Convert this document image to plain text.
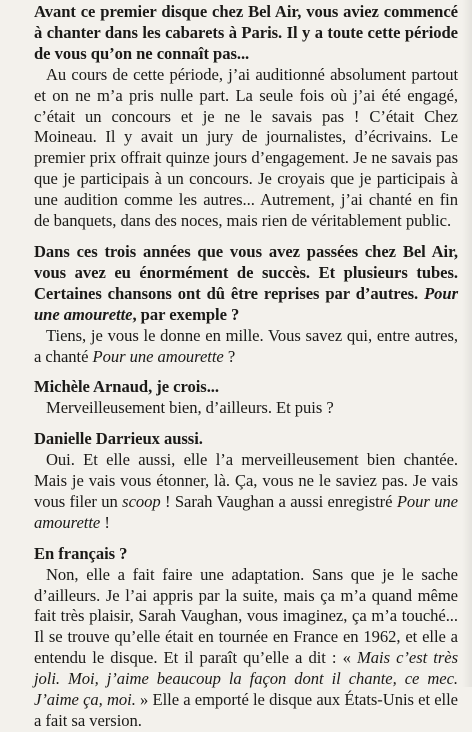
Avant ce premier disque chez Bel Air, vous aviez commencé à chanter dans les cabarets à Paris. Il y a toute cette période de vous qu’on ne connaît pas...

Au cours de cette période, j’ai auditionné absolument partout et on ne m’a pris nulle part. La seule fois où j’ai été engagé, c’était un concours et je ne le savais pas ! C’était Chez Moineau. Il y avait un jury de journalistes, d’écrivains. Le premier prix offrait quinze jours d’engagement. Je ne savais pas que je participais à un concours. Je croyais que je participais à une audition comme les autres... Autrement, j’ai chanté en fin de banquets, dans des noces, mais rien de véritablement public.

Dans ces trois années que vous avez passées chez Bel Air, vous avez eu énormément de succès. Et plusieurs tubes. Certaines chansons ont dû être reprises par d’autres. Pour une amourette, par exemple ?

Tiens, je vous le donne en mille. Vous savez qui, entre autres, a chanté Pour une amourette ?

Michèle Arnaud, je crois...

Merveilleusement bien, d’ailleurs. Et puis ?

Danielle Darrieux aussi.

Oui. Et elle aussi, elle l’a merveilleusement bien chantée. Mais je vais vous étonner, là. Ça, vous ne le saviez pas. Je vais vous filer un scoop ! Sarah Vaughan a aussi enregistré Pour une amourette !

En français ?

Non, elle a fait faire une adaptation. Sans que je le sache d’ailleurs. Je l’ai appris par la suite, mais ça m’a quand même fait très plaisir, Sarah Vaughan, vous imaginez, ça m’a touché... Il se trouve qu’elle était en tournée en France en 1962, et elle a entendu le disque. Et il paraît qu’elle a dit : « Mais c’est très joli. Moi, j’aime beaucoup la façon dont il chante, ce mec. J’aime ça, moi. » Elle a emporté le disque aux États-Unis et elle a fait sa version.
